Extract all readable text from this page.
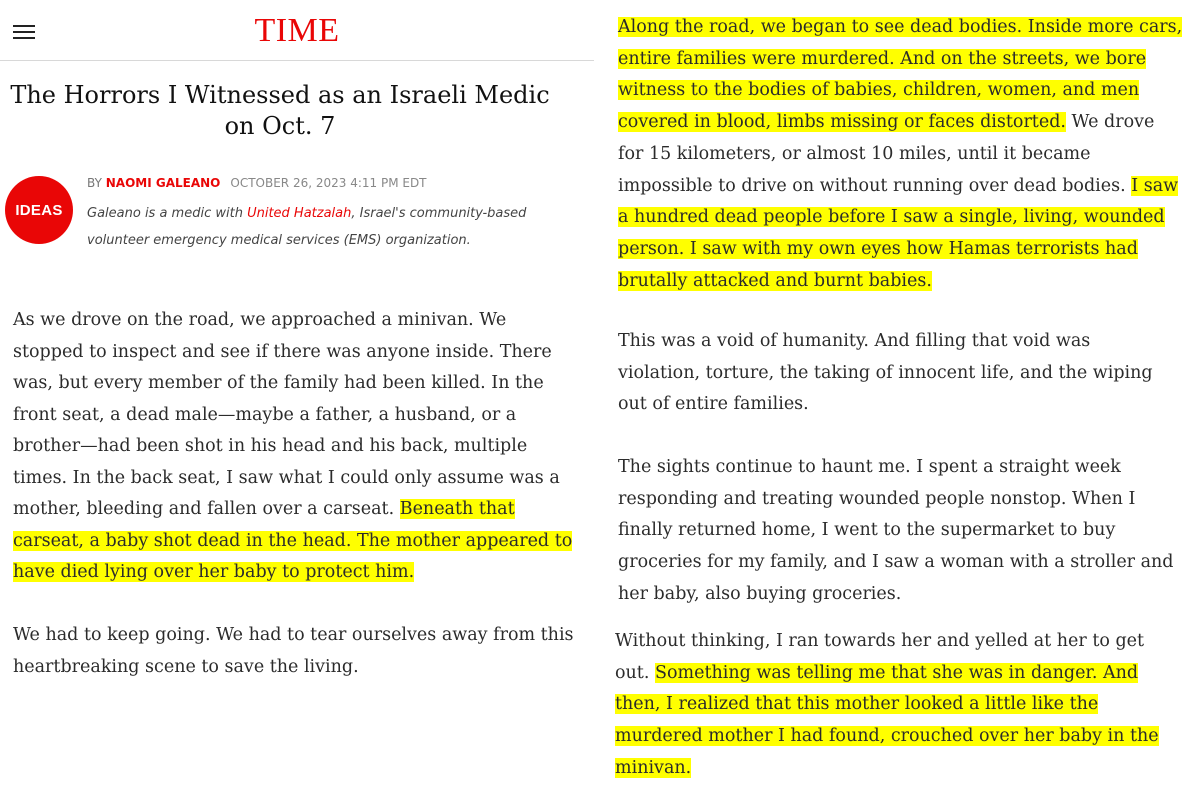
TIME
The Horrors I Witnessed as an Israeli Medic
on Oct. 7
IDEAS
BY NAOMI GALEANO OCTOBER 26, 2023 4:11 PM EDT

Galeano is a medic with United Hatzalah, Israel's community-based
volunteer emergency medical services (EMS) organization.

As we drove on the road, we approached a minivan. We
stopped to inspect and see if there was anyone inside. There
was, but every member of the family had been killed. In the
front seat, a dead male—maybe a father, a husband, or a
brother—had been shot in his head and his back, multiple
times. In the back seat, I saw what I could only assume was a
mother, bleeding and fallen over a carseat. Beneath that
carseat, a baby shot dead in the head. The mother appeared to
have died lying over her baby to protect him.

We had to keep going. We had to tear ourselves away from this
heartbreaking scene to save the living.

Along the road, we began to see dead bodies. Inside more cars,
entire families were murdered. And on the streets, we bore
witness to the bodies of babies, children, women, and men
covered in blood, limbs missing or faces distorted. We drove
for 15 kilometers, or almost 10 miles, until it became
impossible to drive on without running over dead bodies. I saw
a hundred dead people before I saw a single, living, wounded
person. I saw with my own eyes how Hamas terrorists had
brutally attacked and burnt babies.

This was a void of humanity. And filling that void was
violation, torture, the taking of innocent life, and the wiping
out of entire families.

The sights continue to haunt me. I spent a straight week
responding and treating wounded people nonstop. When I
finally returned home, I went to the supermarket to buy
groceries for my family, and I saw a woman with a stroller and
her baby, also buying groceries.

Without thinking, I ran towards her and yelled at her to get
out. Something was telling me that she was in danger. And
then, I realized that this mother looked a little like the
murdered mother I had found, crouched over her baby in the
minivan.
